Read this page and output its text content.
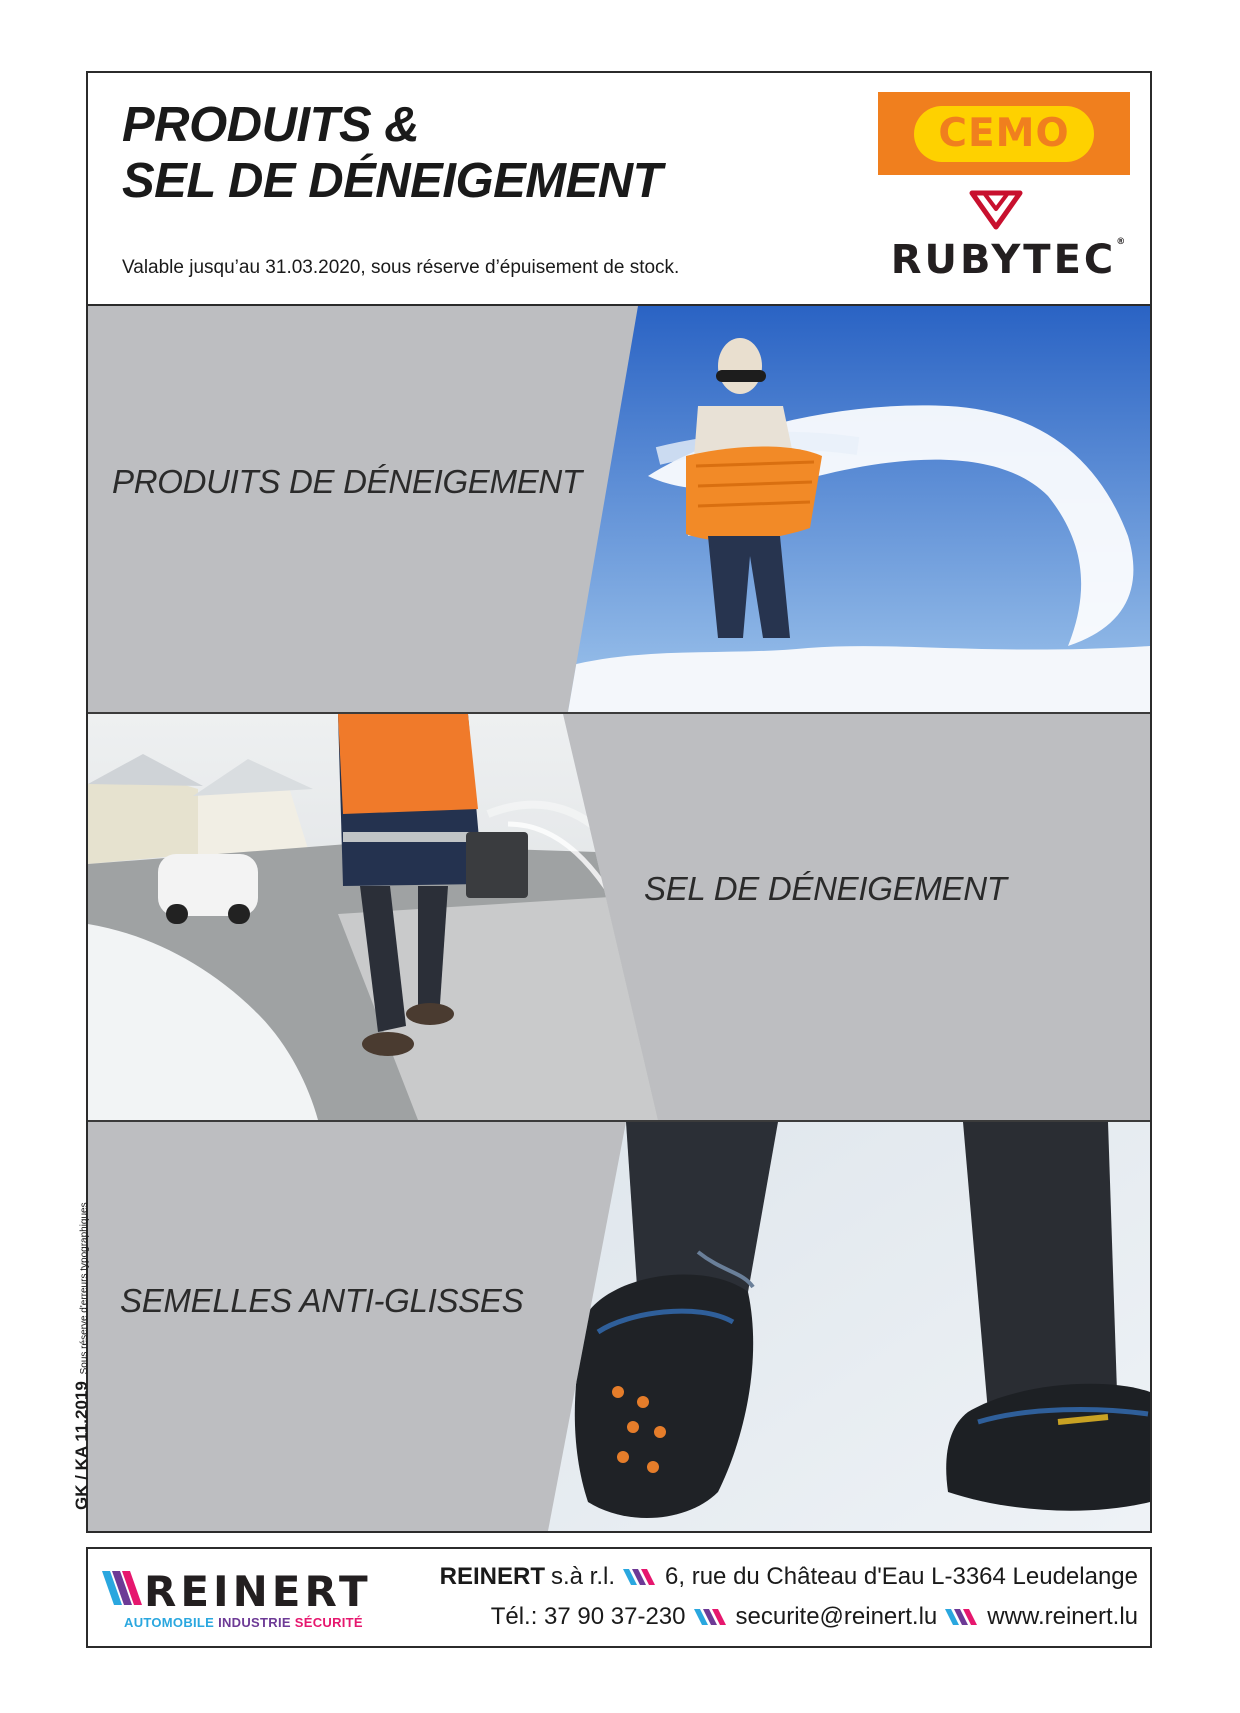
PRODUITS &
SEL DE DÉNEIGEMENT
Valable jusqu’au 31.03.2020, sous réserve d’épuisement de stock.
CEMO
RUBYTEC®
PRODUITS DE DÉNEIGEMENT
SEL DE DÉNEIGEMENT
SEMELLES ANTI-GLISSES
GK / KA 11.2019 Sous réserve d'erreurs typographiques
REINERT
AUTOMOBILE INDUSTRIE SÉCURITÉ
REINERT s.à r.l. 6, rue du Château d'Eau L-3364 Leudelange
Tél.: 37 90 37-230 securite@reinert.lu www.reinert.lu
